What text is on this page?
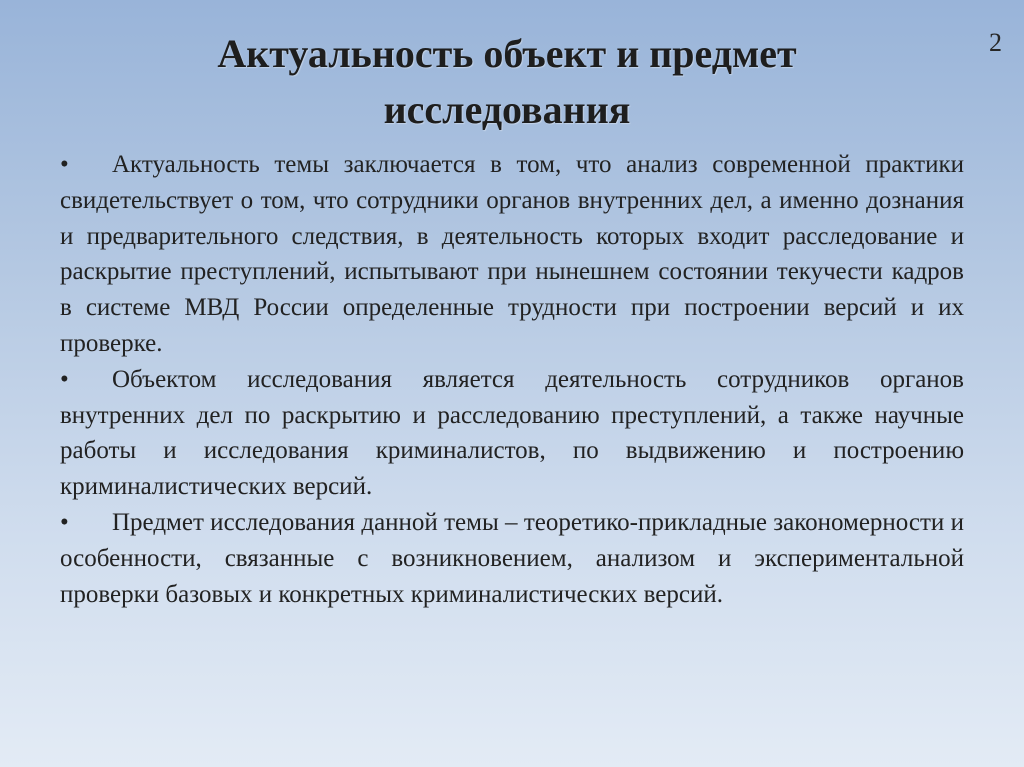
2
Актуальность объект и предмет
исследования

• Актуальность темы заключается в том, что анализ современной практики свидетельствует о том, что сотрудники органов внутренних дел, а именно дознания и предварительного следствия, в деятельность которых входит расследование и раскрытие преступлений, испытывают при нынешнем состоянии текучести кадров в системе МВД России определенные трудности при построении версий и их проверке.

• Объектом исследования является деятельность сотрудников органов внутренних дел по раскрытию и расследованию преступлений, а также научные работы и исследования криминалистов, по выдвижению и построению криминалистических версий.

• Предмет исследования данной темы – теоретико-прикладные закономерности и особенности, связанные с возникновением, анализом и экспериментальной проверки базовых и конкретных криминалистических версий.
